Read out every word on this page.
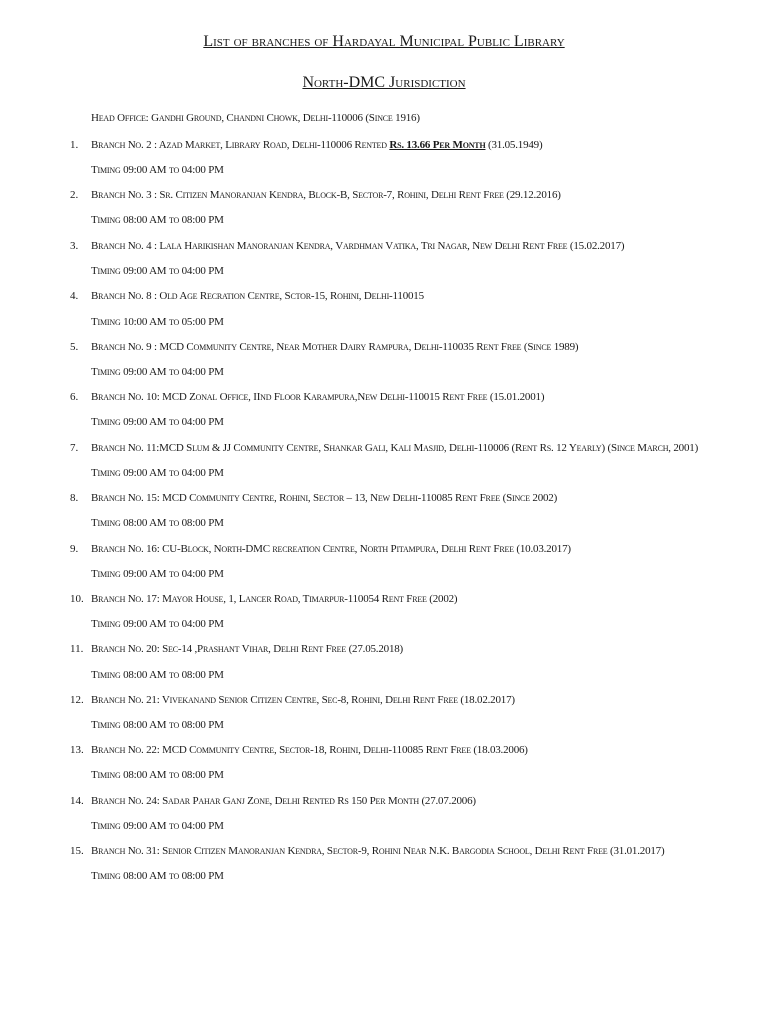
List of branches of Hardayal Municipal Public Library
North-DMC Jurisdiction
Head Office: Gandhi Ground, Chandni Chowk, Delhi-110006 (Since 1916)
1. Branch No. 2 : Azad Market, Library Road, Delhi-110006 Rented Rs. 13.66 Per Month (31.05.1949)
Timing 09:00 AM to 04:00 PM
2. Branch No. 3 : Sr. Citizen Manoranjan Kendra, Block-B, Sector-7, Rohini, Delhi Rent Free (29.12.2016)
Timing 08:00 AM to 08:00 PM
3. Branch No. 4 : Lala Harikishan Manoranjan Kendra, Vardhman Vatika, Tri Nagar, New Delhi Rent Free (15.02.2017)
Timing 09:00 AM to 04:00 PM
4. Branch No. 8 : Old Age Recration Centre, Sctor-15, Rohini, Delhi-110015
Timing 10:00 AM to 05:00 PM
5. Branch No. 9 : MCD Community Centre, Near Mother Dairy Rampura, Delhi-110035 Rent Free (Since 1989)
Timing 09:00 AM to 04:00 PM
6. Branch No. 10: MCD Zonal Office, IInd Floor Karampura,New Delhi-110015 Rent Free (15.01.2001)
Timing 09:00 AM to 04:00 PM
7. Branch No. 11:MCD Slum & JJ Community Centre, Shankar Gali, Kali Masjid, Delhi-110006 (Rent Rs. 12 Yearly) (Since March, 2001)
Timing 09:00 AM to 04:00 PM
8. Branch No. 15: MCD Community Centre, Rohini, Sector – 13, New Delhi-110085 Rent Free (Since 2002)
Timing 08:00 AM to 08:00 PM
9. Branch No. 16: CU-Block, North-DMC recreation Centre, North Pitampura, Delhi Rent Free (10.03.2017)
Timing 09:00 AM to 04:00 PM
10. Branch No. 17: Mayor House, 1, Lancer Road, Timarpur-110054 Rent Free (2002)
Timing 09:00 AM to 04:00 PM
11. Branch No. 20: Sec-14 ,Prashant Vihar, Delhi Rent Free (27.05.2018)
Timing 08:00 AM to 08:00 PM
12. Branch No. 21: Vivekanand Senior Citizen Centre, Sec-8, Rohini, Delhi Rent Free (18.02.2017)
Timing 08:00 AM to 08:00 PM
13. Branch No. 22: MCD Community Centre, Sector-18, Rohini, Delhi-110085 Rent Free (18.03.2006)
Timing 08:00 AM to 08:00 PM
14. Branch No. 24: Sadar Pahar Ganj Zone, Delhi Rented Rs 150 Per Month (27.07.2006)
Timing 09:00 AM to 04:00 PM
15. Branch No. 31: Senior Citizen Manoranjan Kendra, Sector-9, Rohini Near N.K. Bargodia School, Delhi Rent Free (31.01.2017)
Timing 08:00 AM to 08:00 PM
